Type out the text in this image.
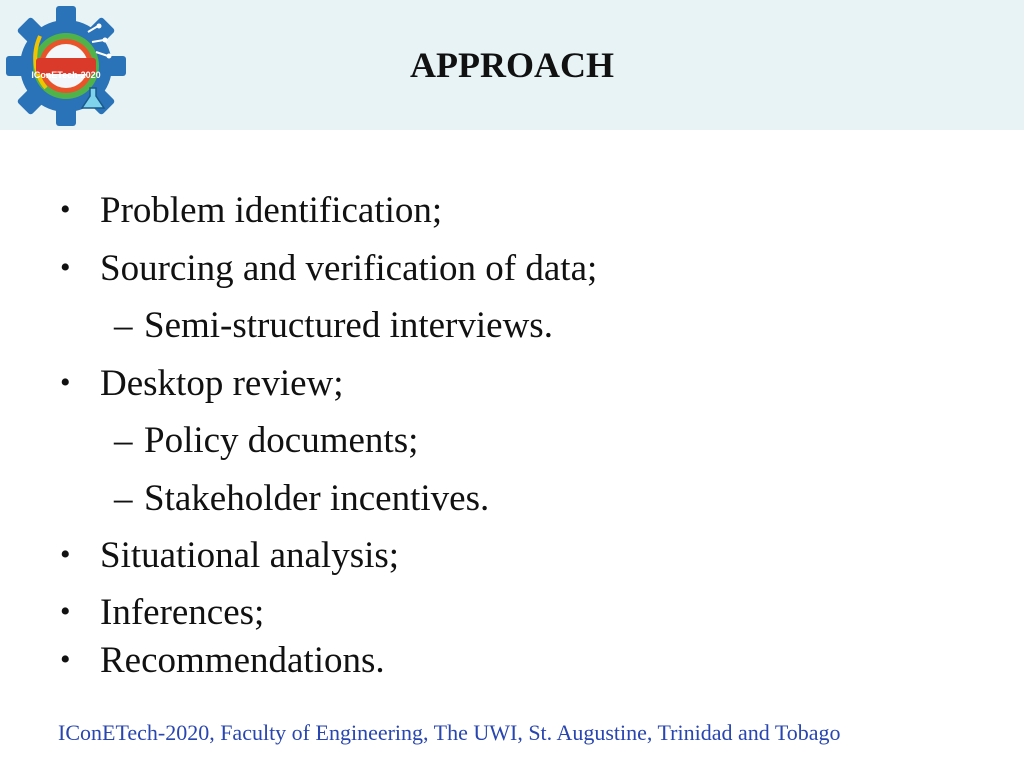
IConETech-2020	APPROACH
• Problem identification;
• Sourcing and verification of data;
– Semi-structured interviews.
• Desktop review;
– Policy documents;
– Stakeholder incentives.
• Situational analysis;
• Inferences;
• Recommendations.
IConETech-2020, Faculty of Engineering, The UWI, St. Augustine, Trinidad and Tobago
